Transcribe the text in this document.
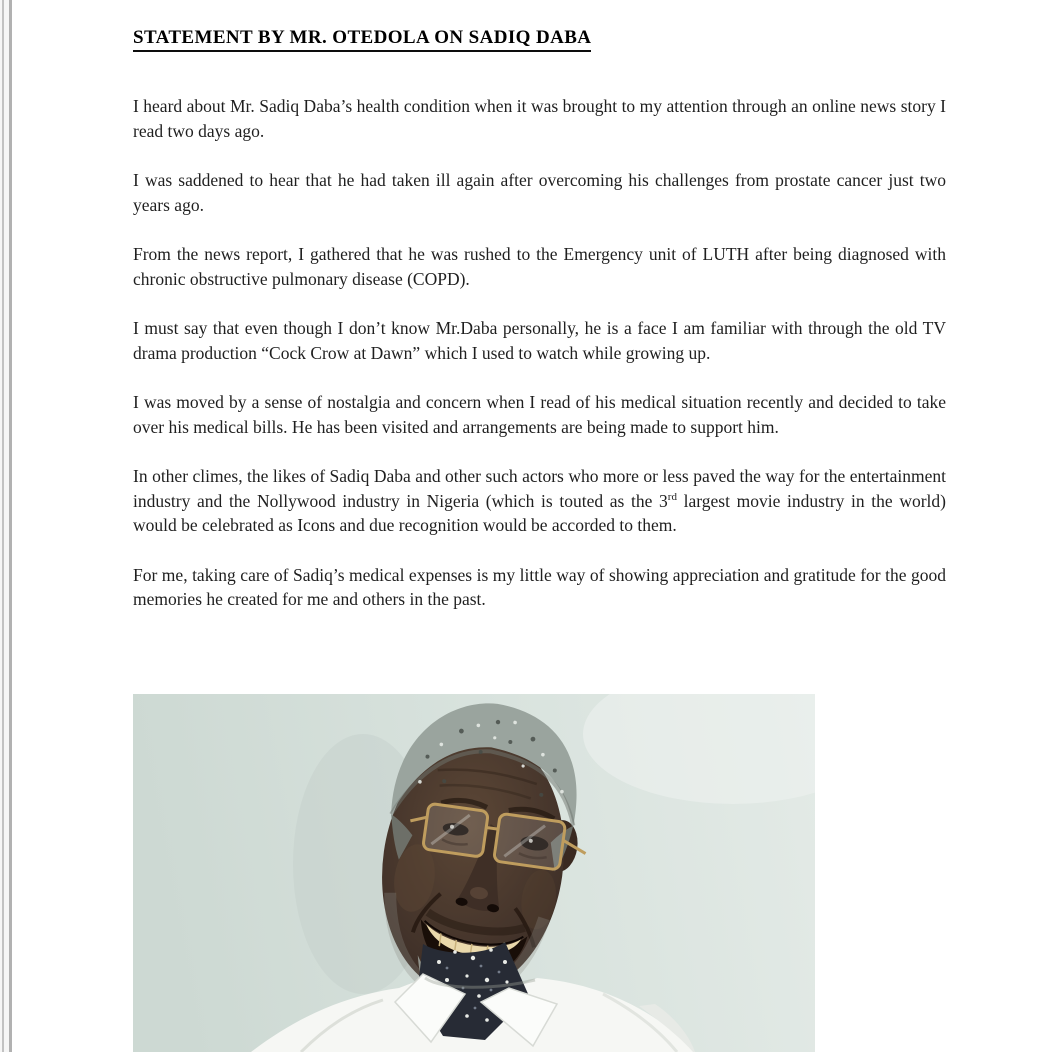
STATEMENT BY MR. OTEDOLA ON SADIQ DABA

I heard about Mr. Sadiq Daba’s health condition when it was brought to my attention through an online news story I read two days ago.

I was saddened to hear that he had taken ill again after overcoming his challenges from prostate cancer just two years ago.

From the news report, I gathered that he was rushed to the Emergency unit of LUTH after being diagnosed with chronic obstructive pulmonary disease (COPD).

I must say that even though I don’t know Mr.Daba personally, he is a face I am familiar with through the old TV drama production “Cock Crow at Dawn” which I used to watch while growing up.

I was moved by a sense of nostalgia and concern when I read of his medical situation recently and decided to take over his medical bills. He has been visited and arrangements are being made to support him.

In other climes, the likes of Sadiq Daba and other such actors who more or less paved the way for the entertainment industry and the Nollywood industry in Nigeria (which is touted as the 3rd largest movie industry in the world) would be celebrated as Icons and due recognition would be accorded to them.

For me, taking care of Sadiq’s medical expenses is my little way of showing appreciation and gratitude for the good memories he created for me and others in the past.
